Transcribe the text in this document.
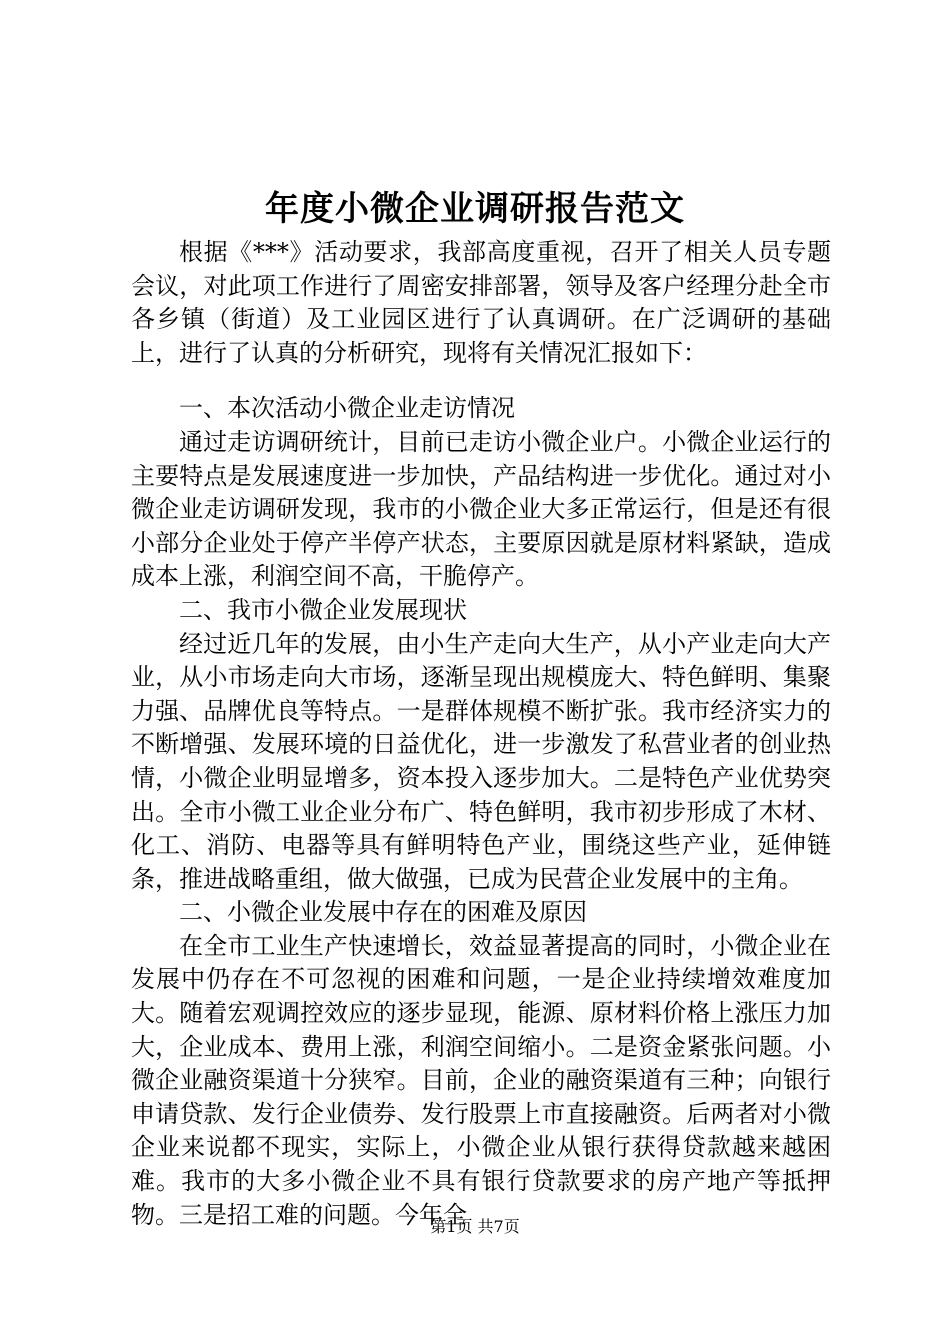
年度小微企业调研报告范文

根据《***》活动要求，我部高度重视，召开了相关人员专题会议，对此项工作进行了周密安排部署，领导及客户经理分赴全市各乡镇（街道）及工业园区进行了认真调研。在广泛调研的基础上，进行了认真的分析研究，现将有关情况汇报如下：

一、本次活动小微企业走访情况

通过走访调研统计，目前已走访小微企业户。小微企业运行的主要特点是发展速度进一步加快，产品结构进一步优化。通过对小微企业走访调研发现，我市的小微企业大多正常运行，但是还有很小部分企业处于停产半停产状态，主要原因就是原材料紧缺，造成成本上涨，利润空间不高，干脆停产。

二、我市小微企业发展现状

经过近几年的发展，由小生产走向大生产，从小产业走向大产业，从小市场走向大市场，逐渐呈现出规模庞大、特色鲜明、集聚力强、品牌优良等特点。一是群体规模不断扩张。我市经济实力的不断增强、发展环境的日益优化，进一步激发了私营业者的创业热情，小微企业明显增多，资本投入逐步加大。二是特色产业优势突出。全市小微工业企业分布广、特色鲜明，我市初步形成了木材、化工、消防、电器等具有鲜明特色产业，围绕这些产业，延伸链条，推进战略重组，做大做强，已成为民营企业发展中的主角。

二、小微企业发展中存在的困难及原因

在全市工业生产快速增长，效益显著提高的同时，小微企业在发展中仍存在不可忽视的困难和问题，一是企业持续增效难度加大。随着宏观调控效应的逐步显现，能源、原材料价格上涨压力加大，企业成本、费用上涨，利润空间缩小。二是资金紧张问题。小微企业融资渠道十分狭窄。目前，企业的融资渠道有三种；向银行申请贷款、发行企业债券、发行股票上市直接融资。后两者对小微企业来说都不现实，实际上，小微企业从银行获得贷款越来越困难。我市的大多小微企业不具有银行贷款要求的房产地产等抵押物。三是招工难的问题。今年全

第1页 共7页
